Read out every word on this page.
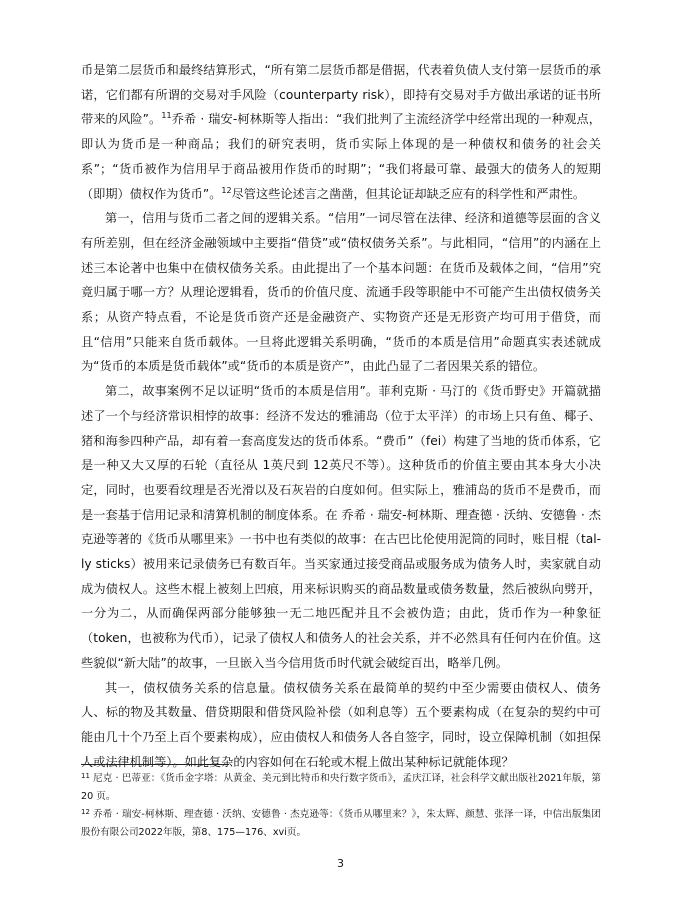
币是第二层货币和最终结算形式，“所有第二层货币都是借据，代表着负债人支付第一层货币的承诺，它们都有所谓的交易对手风险（counterparty risk），即持有交易对手方做出承诺的证书所带来的风险”。$^{11}$乔希 · 瑞安-柯林斯等人指出：“我们批判了主流经济学中经常出现的一种观点，即认为货币是一种商品；我们的研究表明，货币实际上体现的是一种债权和债务的社会关系”；“货币被作为信用早于商品被用作货币的时期”；“我们将最可靠、最强大的债务人的短期（即期）债权作为货币”。$^{12}$尽管这些论述言之凿凿，但其论证却缺乏应有的科学性和严肃性。

第一，信用与货币二者之间的逻辑关系。“信用”一词尽管在法律、经济和道德等层面的含义有所差别，但在经济金融领域中主要指“借贷”或“债权债务关系”。与此相同，“信用”的内涵在上述三本论著中也集中在债权债务关系。由此提出了一个基本问题：在货币及载体之间，“信用”究竟归属于哪一方？从理论逻辑看，货币的价值尺度、流通手段等职能中不可能产生出债权债务关系；从资产特点看，不论是货币资产还是金融资产、实物资产还是无形资产均可用于借贷，而且“信用”只能来自货币载体。一旦将此逻辑关系明确，“货币的本质是信用”命题真实表述就成为“货币的本质是货币载体”或“货币的本质是资产”，由此凸显了二者因果关系的错位。

第二，故事案例不足以证明“货币的本质是信用”。菲利克斯 · 马汀的《货币野史》开篇就描述了一个与经济常识相悖的故事：经济不发达的雅浦岛（位于太平洋）的市场上只有鱼、椰子、猪和海参四种产品，却有着一套高度发达的货币体系。“费币”（fei）构建了当地的货币体系，它是一种又大又厚的石轮（直径从 1英尺到 12英尺不等）。这种货币的价值主要由其本身大小决定，同时，也要看纹理是否光滑以及石灰岩的白度如何。但实际上，雅浦岛的货币不是费币，而是一套基于信用记录和清算机制的制度体系。在 乔希 · 瑞安-柯林斯、理查德 · 沃纳、安德鲁 · 杰克逊等著的《货币从哪里来》一书中也有类似的故事：在古巴比伦使用泥筒的同时，账目棍（tal- ly sticks）被用来记录债务已有数百年。当买家通过接受商品或服务成为债务人时，卖家就自动成为债权人。这些木棍上被刻上凹痕，用来标识购买的商品数量或债务数量，然后被纵向劈开，一分为二，从而确保两部分能够独一无二地匹配并且不会被伪造；由此，货币作为一种象征（token，也被称为代币），记录了债权人和债务人的社会关系，并不必然具有任何内在价值。这些貌似“新大陆”的故事，一旦嵌入当今信用货币时代就会破绽百出，略举几例。

其一，债权债务关系的信息量。债权债务关系在最简单的契约中至少需要由债权人、债务人、标的物及其数量、借贷期限和借贷风险补偿（如利息等）五个要素构成（在复杂的契约中可能由几十个乃至上百个要素构成），应由债权人和债务人各自签字，同时，设立保障机制（如担保人或法律机制等）。如此复杂的内容如何在石轮或木棍上做出某种标记就能体现？

$^{11}$ 尼克 · 巴蒂亚：《货币金字塔：从黄金、美元到比特币和央行数字货币》，孟庆江译，社会科学文献出版社2021年版，第20 页。

$^{12}$ 乔希 · 瑞安-柯林斯、理查德 · 沃纳、安德鲁 · 杰克逊等：《货币从哪里来？》，朱太辉、颜慧、张泽一译，中信出版集团股份有限公司2022年版，第8、175—176、xvi页。

3
